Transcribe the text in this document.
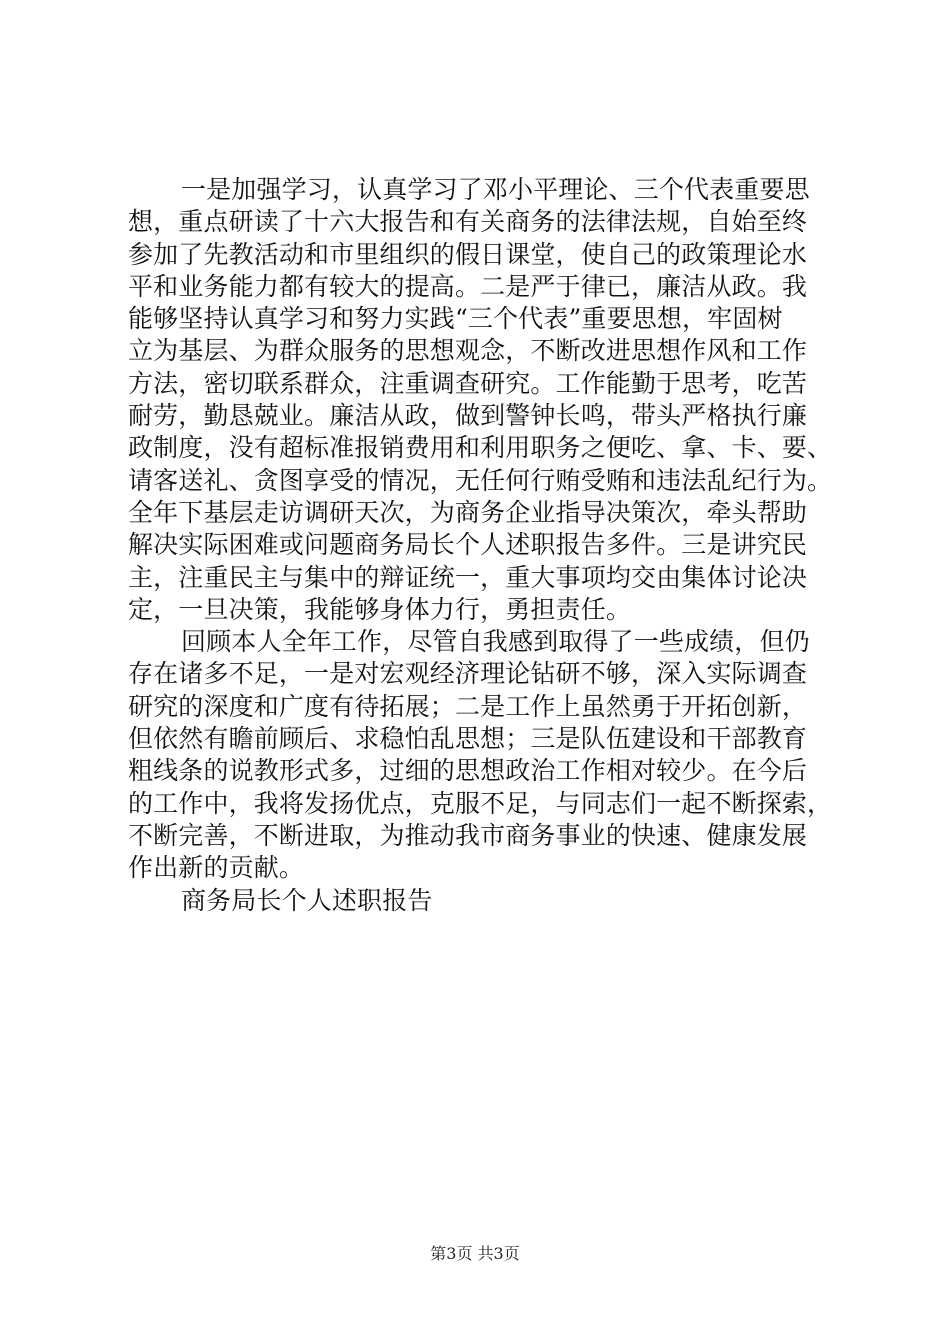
一是加强学习，认真学习了邓小平理论、三个代表重要思
想，重点研读了十六大报告和有关商务的法律法规，自始至终
参加了先教活动和市里组织的假日课堂，使自己的政策理论水
平和业务能力都有较大的提高。二是严于律已，廉洁从政。我
能够坚持认真学习和努力实践“三个代表”重要思想，牢固树
立为基层、为群众服务的思想观念，不断改进思想作风和工作
方法，密切联系群众，注重调查研究。工作能勤于思考，吃苦
耐劳，勤恳兢业。廉洁从政，做到警钟长鸣，带头严格执行廉
政制度，没有超标准报销费用和利用职务之便吃、拿、卡、要、
请客送礼、贪图享受的情况，无任何行贿受贿和违法乱纪行为。
全年下基层走访调研天次，为商务企业指导决策次，牵头帮助
解决实际困难或问题商务局长个人述职报告多件。三是讲究民
主，注重民主与集中的辩证统一，重大事项均交由集体讨论决
定，一旦决策，我能够身体力行，勇担责任。
回顾本人全年工作，尽管自我感到取得了一些成绩，但仍
存在诸多不足，一是对宏观经济理论钻研不够，深入实际调查
研究的深度和广度有待拓展；二是工作上虽然勇于开拓创新，
但依然有瞻前顾后、求稳怕乱思想；三是队伍建设和干部教育
粗线条的说教形式多，过细的思想政治工作相对较少。在今后
的工作中，我将发扬优点，克服不足，与同志们一起不断探索，
不断完善，不断进取，为推动我市商务事业的快速、健康发展
作出新的贡献。
商务局长个人述职报告
第3页 共3页
